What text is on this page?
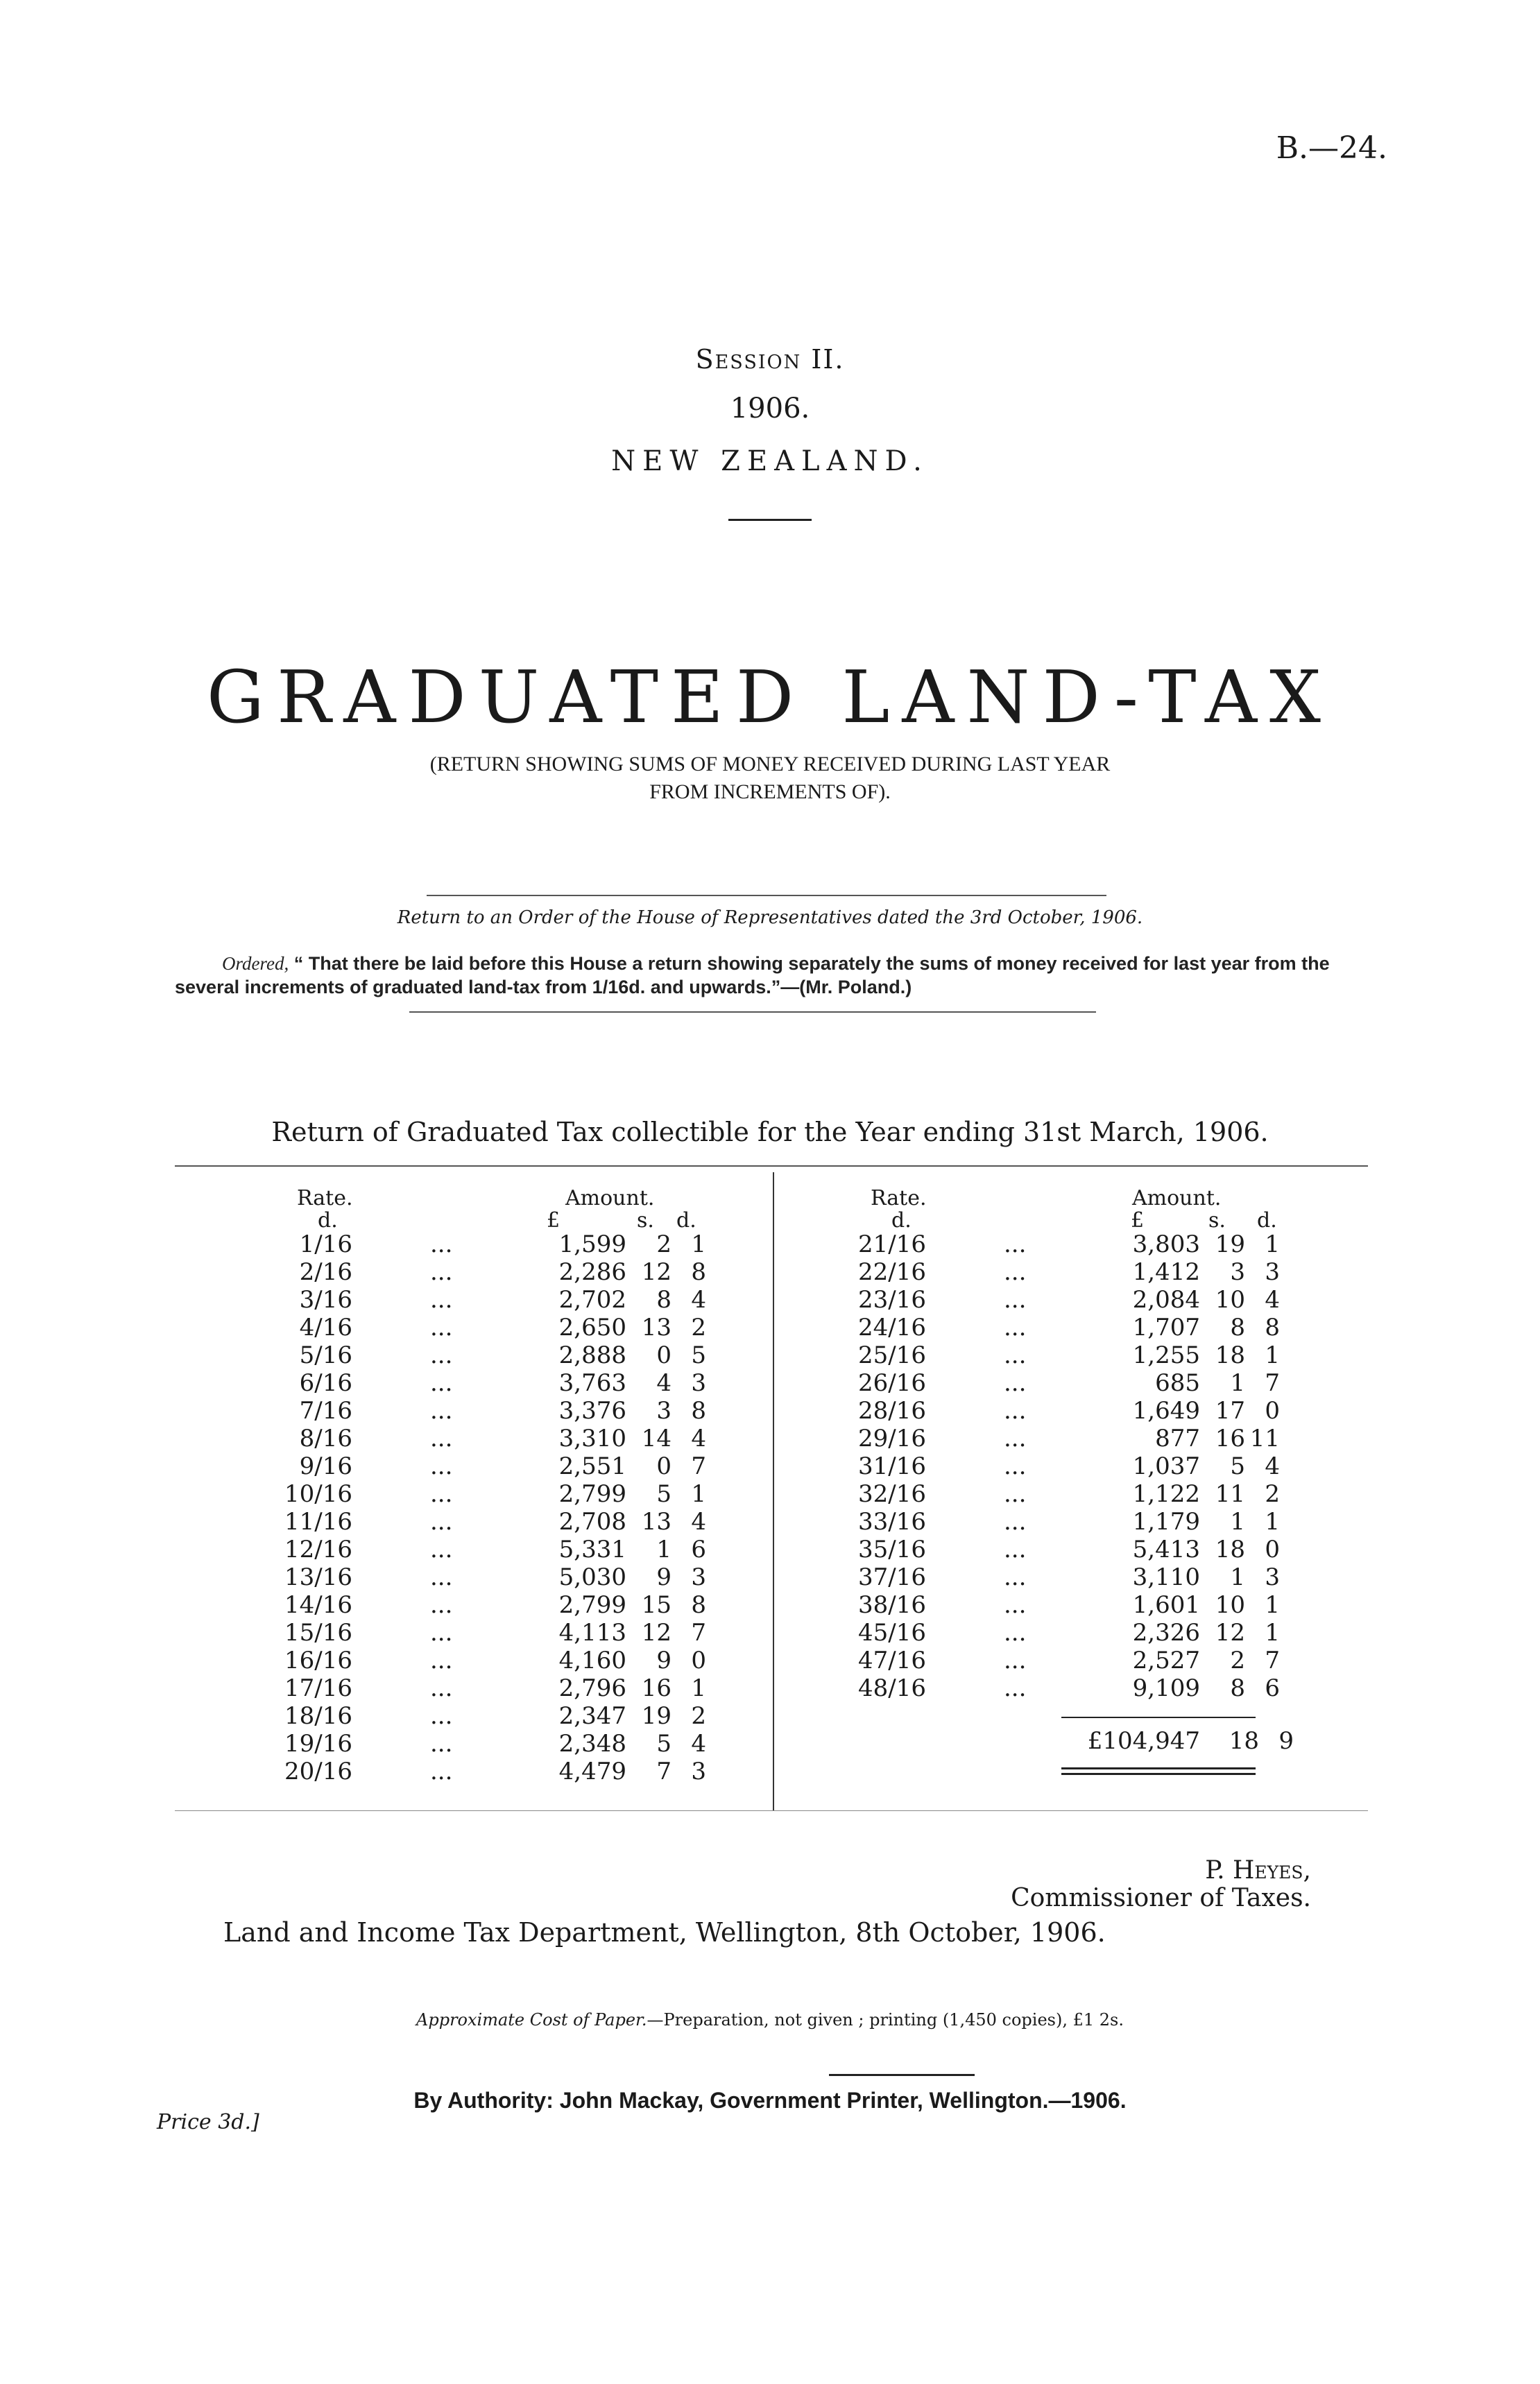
B.—24.
Session II.
1906.
NEW ZEALAND.
GRADUATED LAND-TAX
(RETURN SHOWING SUMS OF MONEY RECEIVED DURING LAST YEAR
FROM INCREMENTS OF).
Return to an Order of the House of Representatives dated the 3rd October, 1906.
Ordered, “ That there be laid before this House a return showing separately the sums of money received for last year from the several increments of graduated land-tax from 1/16d. and upwards.”—(Mr. Poland.)
Return of Graduated Tax collectible for the Year ending 31st March, 1906.
Rate.
d.
Amount.
£	s. d.
Rate.
d.
Amount.
£	s. d.
1/16	...	1,599	2 1
2/16	...	2,286 12 8
3/16	...	2,702	8 4
4/16	...	2,650 13 2
5/16	...	2,888	0 5
6/16	...	3,763	4 3
7/16	...	3,376	3 8
8/16	...	3,310 14 4
9/16	...	2,551	0 7
10/16	...	2,799	5 1
11/16	...	2,708 13 4
12/16	...	5,331	1 6
13/16	...	5,030	9 3
14/16	...	2,799 15 8
15/16	...	4,113 12 7
16/16	...	4,160	9 0
17/16	...	2,796 16 1
18/16	...	2,347 19 2
19/16	...	2,348	5 4
20/16	...	4,479	7 3
21/16	...	3,803 19 1
22/16	...	1,412	3 3
23/16	...	2,084 10 4
24/16	...	1,707	8 8
25/16	...	1,255 18 1
26/16	...	685	1 7
28/16	...	1,649 17 0
29/16	...	877 16 11
31/16	...	1,037	5 4
32/16	...	1,122 11 2
33/16	...	1,179	1 1
35/16	...	5,413 18 0
37/16	...	3,110	1 3
38/16	...	1,601 10 1
45/16	...	2,326 12 1
47/16	...	2,527	2 7
48/16	...	9,109	8 6
£104,947	18 9
P. Heyes,
Commissioner of Taxes.
Land and Income Tax Department, Wellington, 8th October, 1906.
Approximate Cost of Paper.—Preparation, not given ; printing (1,450 copies), £1 2s.
By Authority: John Mackay, Government Printer, Wellington.—1906.
Price 3d.]
